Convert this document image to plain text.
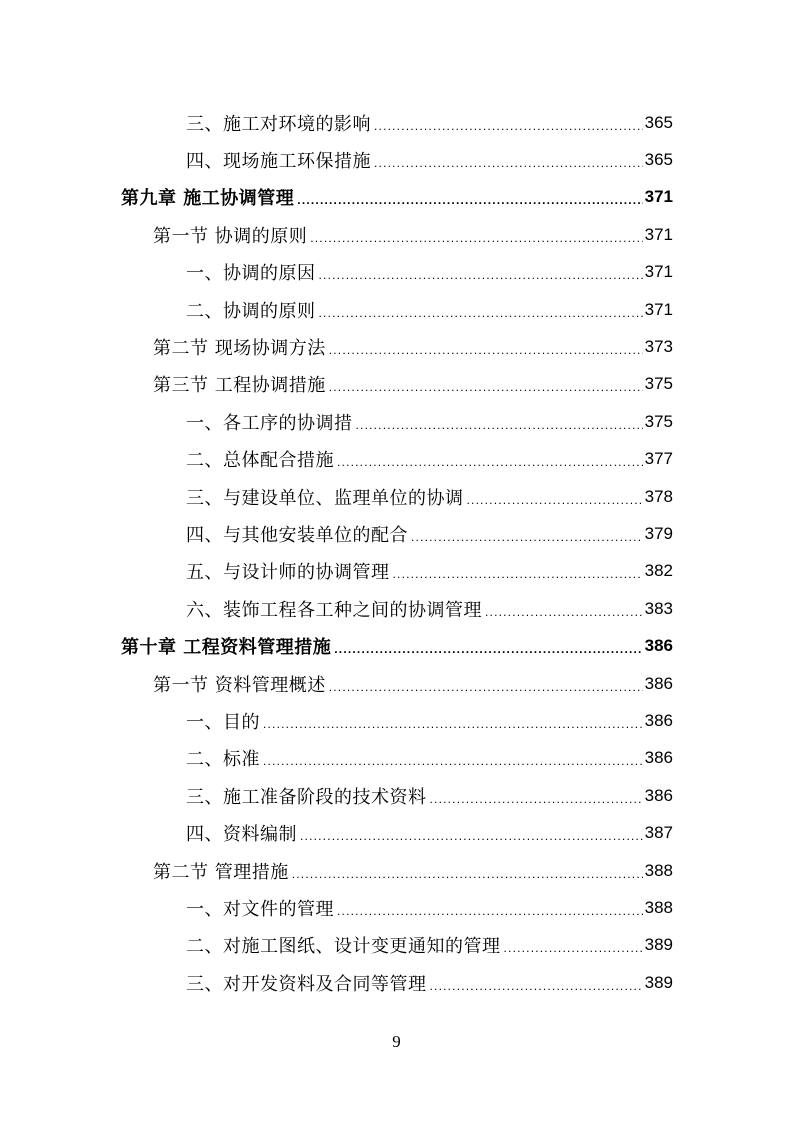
三、施工对环境的影响 .....	365
四、现场施工环保措施 .....	365
第九章 施工协调管理 .....	371
第一节 协调的原则 .....	371
一、协调的原因 .....	371
二、协调的原则 .....	371
第二节 现场协调方法 .....	373
第三节 工程协调措施 .....	375
一、各工序的协调措 .....	375
二、总体配合措施 .....	377
三、与建设单位、监理单位的协调 .....	378
四、与其他安装单位的配合 .....	379
五、与设计师的协调管理 .....	382
六、装饰工程各工种之间的协调管理 .....	383
第十章 工程资料管理措施 .....	386
第一节 资料管理概述 .....	386
一、目的 .....	386
二、标准 .....	386
三、施工准备阶段的技术资料 .....	386
四、资料编制 .....	387
第二节 管理措施 .....	388
一、对文件的管理 .....	388
二、对施工图纸、设计变更通知的管理 .....	389
三、对开发资料及合同等管理 .....	389
9
